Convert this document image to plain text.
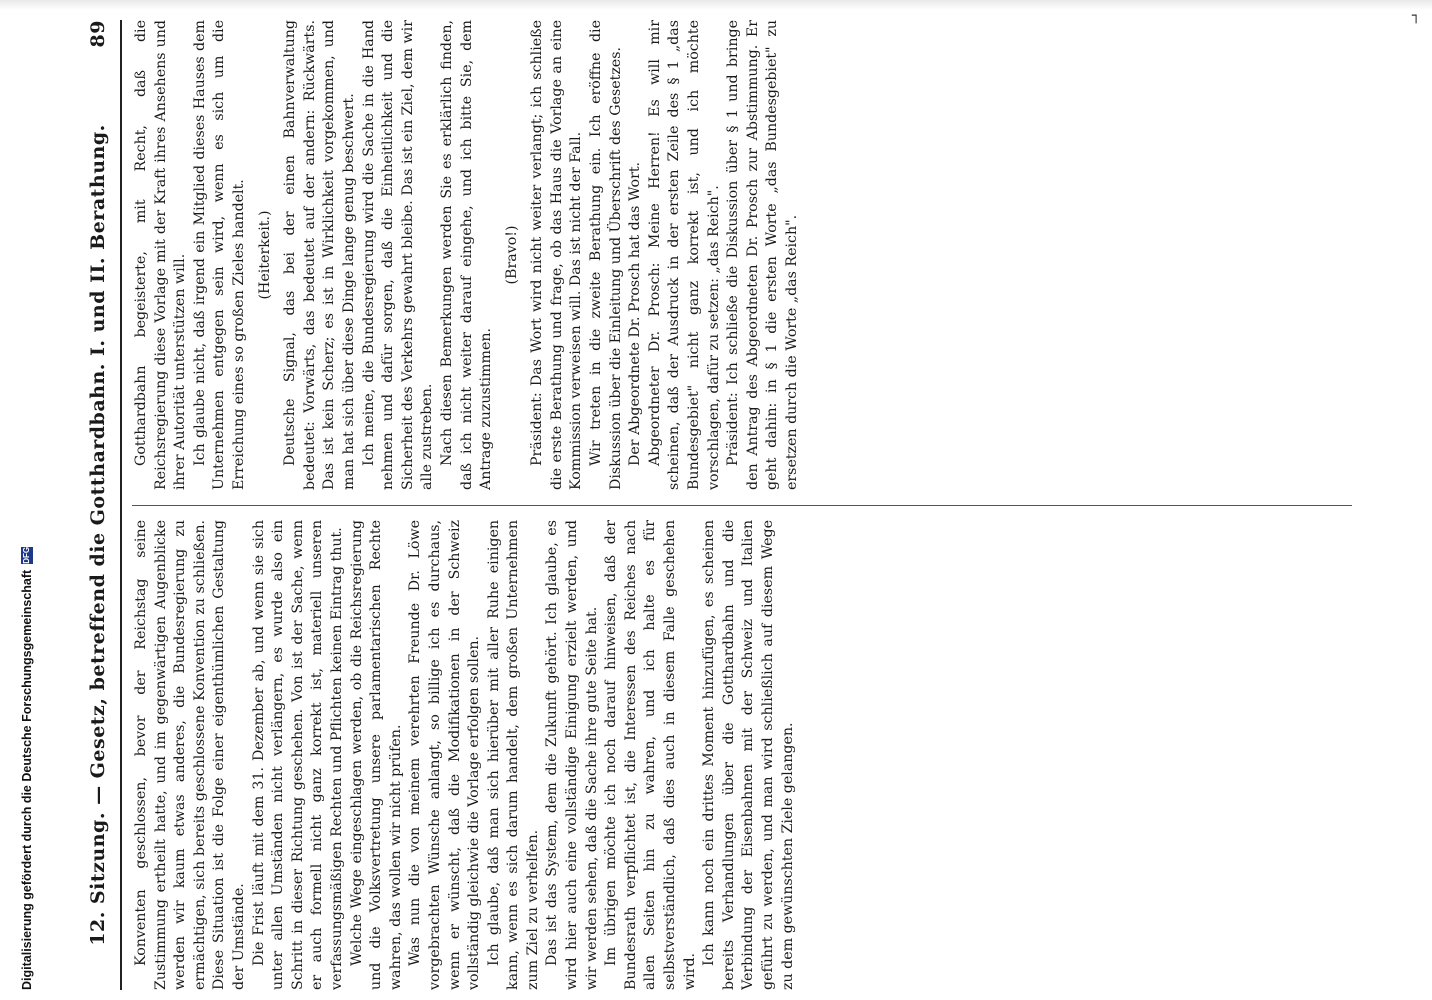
12. Sitzung. — Gesetz, betreffend die Gotthardbahn. I. und II. Berathung.
89

Konventen geschlossen, bevor der Reichstag seine Zustimmung ertheilt hatte, und im gegenwärtigen Augenblicke werden wir kaum etwas anderes, die Bundesregierung zu ermächtigen, sich bereits geschlossene Konvention zu schließen. Diese Situation ist die Folge einer eigenthümlichen Gestaltung der Umstände. Die Frist läuft mit dem 31. Dezember ab, und wenn sie sich unter allen Umständen nicht verlängern, es wurde also ein Schritt in dieser Richtung geschehen. Von ist der Sache, wenn er auch formell nicht ganz korrekt ist, materiell unseren verfassungsmäßigen Rechten und Pflichten keinen Eintrag thut. Welche Wege eingeschlagen werden, ob die Reichsregierung und die Volksvertretung unsere parlamentarischen Rechte wahren, das wollen wir nicht prüfen. Was nun die von meinem verehrten Freunde Dr. Löwe vorgebrachten Wünsche anlangt, so billige ich es durchaus, wenn er wünscht, daß die Modifikationen in der Schweiz vollständig gleichwie die Vorlage erfolgen sollen. Ich glaube, daß man sich hierüber mit aller Ruhe einigen kann, wenn es sich darum handelt, dem großen Unternehmen zum Ziel zu verhelfen. Das ist das System, dem die Zukunft gehört. Ich glaube, es wird hier auch eine vollständige Einigung erzielt werden, und wir werden sehen, daß die Sache ihre gute Seite hat. Im übrigen möchte ich noch darauf hinweisen, daß der Bundesrath verpflichtet ist, die Interessen des Reiches nach allen Seiten hin zu wahren, und ich halte es für selbstverständlich, daß dies auch in diesem Falle geschehen wird.

Ich kann noch ein drittes Moment hinzufügen, es scheinen bereits Verhandlungen über die Gotthardbahn und die Verbindung der Eisenbahnen mit der Schweiz und Italien geführt zu werden, und man wird schließlich auf diesem Wege zu dem gewünschten Ziele gelangen.

Gotthardbahn begeisterte, mit Recht, daß die Reichsregierung diese Vorlage mit der Kraft ihres Ansehens und ihrer Autorität unterstützen will. Ich glaube nicht, daß irgend ein Mitglied dieses Hauses dem Unternehmen entgegen sein wird, wenn es sich um die Erreichung eines so großen Zieles handelt. (Heiterkeit.) Deutsche Signal, das bei der einen Bahnverwaltung bedeutet: Vorwärts, das bedeutet auf der andern: Rückwärts. Das ist kein Scherz; es ist in Wirklichkeit vorgekommen, und man hat sich über diese Dinge lange genug beschwert. Ich meine, die Bundesregierung wird die Sache in die Hand nehmen und dafür sorgen, daß die Einheitlichkeit und die Sicherheit des Verkehrs gewahrt bleibe. Das ist ein Ziel, dem wir alle zustreben. Nach diesen Bemerkungen werden Sie es erklärlich finden, daß ich nicht weiter darauf eingehe, und ich bitte Sie, dem Antrage zuzustimmen.

(Bravo!) Präsident: Das Wort wird nicht weiter verlangt; ich schließe die erste Berathung und frage, ob das Haus die Vorlage an eine Kommission verweisen will. Das ist nicht der Fall. Wir treten in die zweite Berathung ein. Ich eröffne die Diskussion über die Einleitung und Überschrift des Gesetzes. Der Abgeordnete Dr. Prosch hat das Wort. Abgeordneter Dr. Prosch: Meine Herren! Es will mir scheinen, daß der Ausdruck in der ersten Zeile des § 1 „das Bundesgebiet" nicht ganz korrekt ist, und ich möchte vorschlagen, dafür zu setzen: „das Reich". Präsident: Ich schließe die Diskussion über § 1 und bringe den Antrag des Abgeordneten Dr. Prosch zur Abstimmung. Er geht dahin: in § 1 die ersten Worte „das Bundesgebiet" zu ersetzen durch die Worte „das Reich".

Digitalisierung gefördert durch die Deutsche Forschungsgemeinschaft
DFG
┐
